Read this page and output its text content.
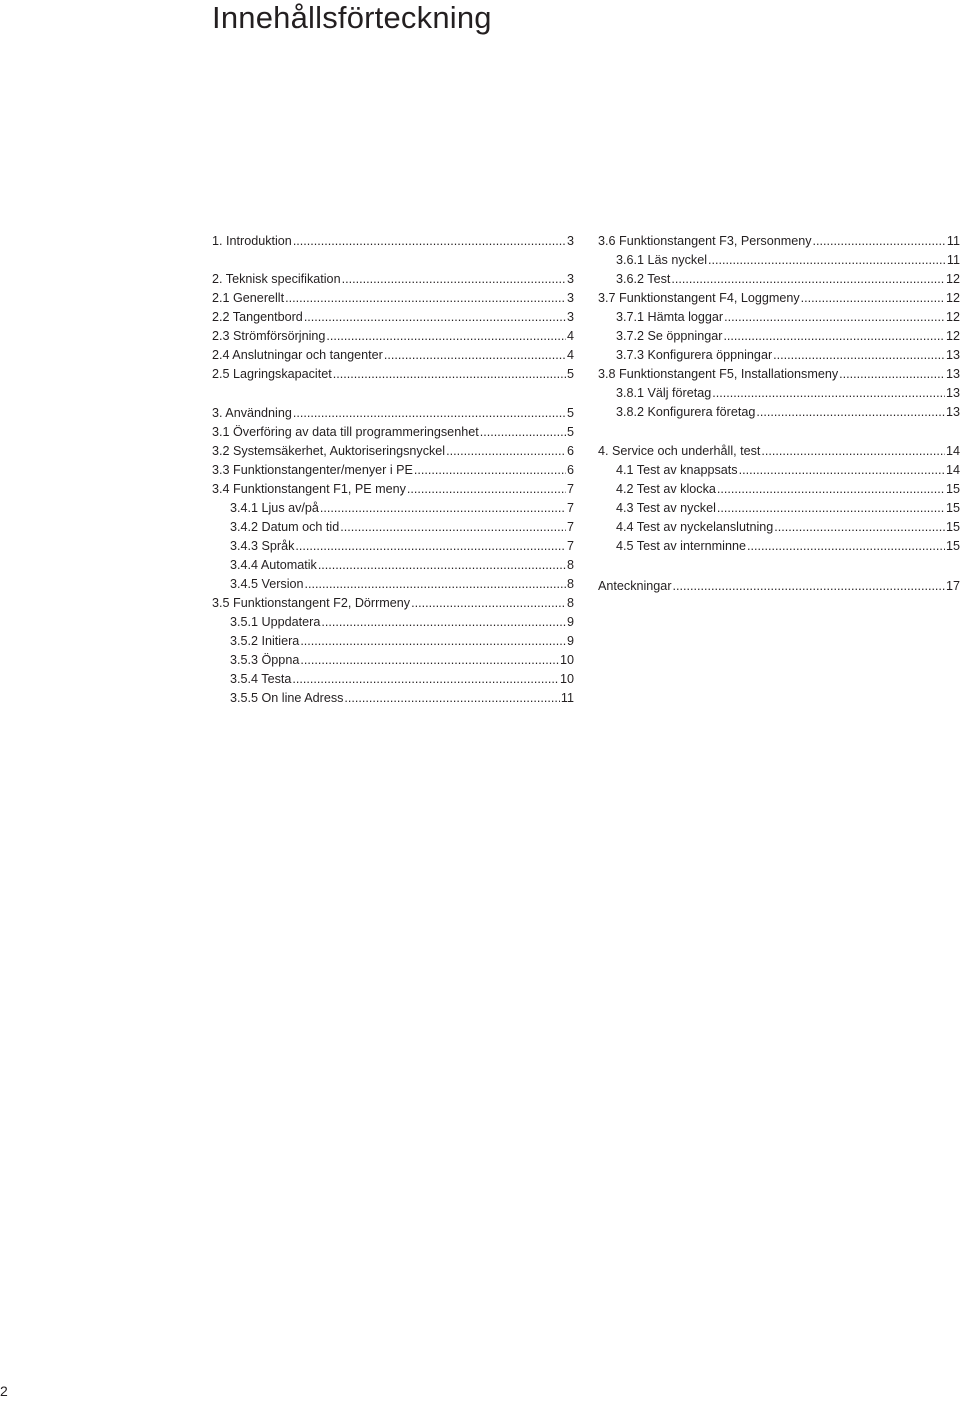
Innehållsförteckning
1. Introduktion .....	3
2. Teknisk specifikation .....	3
2.1 Generellt .....	3
2.2 Tangentbord .....	3
2.3 Strömförsörjning .....	4
2.4 Anslutningar och tangenter .....	4
2.5 Lagringskapacitet .....	5
3. Användning .....	5
3.1 Överföring av data till programmeringsenhet .....	5
3.2 Systemsäkerhet, Auktoriseringsnyckel .....	6
3.3 Funktionstangenter/menyer i PE .....	6
3.4 Funktionstangent F1, PE meny .....	7
3.4.1 Ljus av/på .....	7
3.4.2 Datum och tid .....	7
3.4.3 Språk .....	7
3.4.4 Automatik .....	8
3.4.5 Version .....	8
3.5 Funktionstangent F2, Dörrmeny .....	8
3.5.1 Uppdatera .....	9
3.5.2 Initiera .....	9
3.5.3 Öppna .....	10
3.5.4 Testa .....	10
3.5.5 On line Adress .....	11
3.6 Funktionstangent F3, Personmeny .....	11
3.6.1 Läs nyckel .....	11
3.6.2 Test .....	12
3.7 Funktionstangent F4, Loggmeny .....	12
3.7.1 Hämta loggar .....	12
3.7.2 Se öppningar .....	12
3.7.3 Konfigurera öppningar .....	13
3.8 Funktionstangent F5, Installationsmeny .....	13
3.8.1 Välj företag .....	13
3.8.2 Konfigurera företag .....	13
4. Service och underhåll, test .....	14
4.1 Test av knappsats .....	14
4.2 Test av klocka .....	15
4.3 Test av nyckel .....	15
4.4 Test av nyckelanslutning .....	15
4.5 Test av internminne .....	15
Anteckningar .....	17
2
